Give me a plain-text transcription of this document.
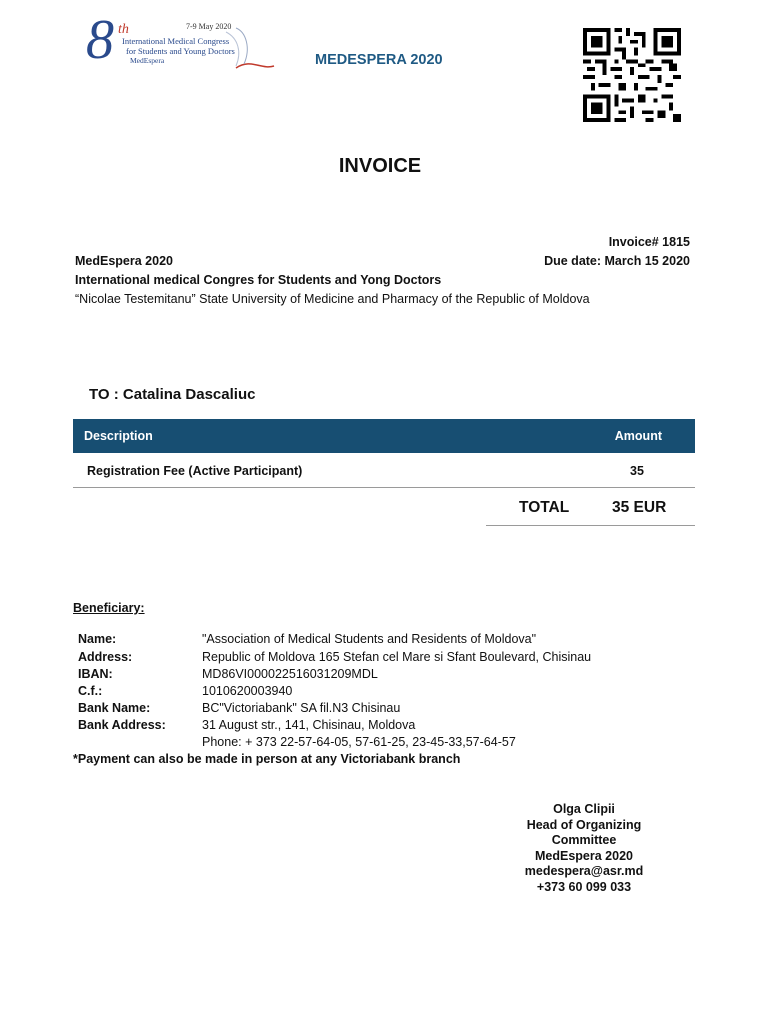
8 th	7-9 May 2020
International Medical Congress
for Students and Young Doctors
MedEspera	MEDESPERA 2020
INVOICE
Invoice# 1815
Due date: March 15 2020
MedEspera 2020
International medical Congres for Students and Yong Doctors
“Nicolae Testemitanu” State University of Medicine and Pharmacy of the Republic of Moldova
TO : Catalina Dascaliuc
Description	Amount
Registration Fee (Active Participant)	35
TOTAL	35 EUR
Beneficiary:
Name:	"Association of Medical Students and Residents of Moldova"
Address:	Republic of Moldova 165 Stefan cel Mare si Sfant Boulevard, Chisinau
IBAN:	MD86VI000022516031209MDL
C.f.:	1010620003940
Bank Name:	BC"Victoriabank" SA fil.N3 Chisinau
Bank Address:	31 August str., 141, Chisinau, Moldova
Phone: + 373 22-57-64-05, 57-61-25, 23-45-33,57-64-57
*Payment can also be made in person at any Victoriabank branch
Olga Clipii
Head of Organizing
Committee
MedEspera 2020
medespera@asr.md
+373 60 099 033
